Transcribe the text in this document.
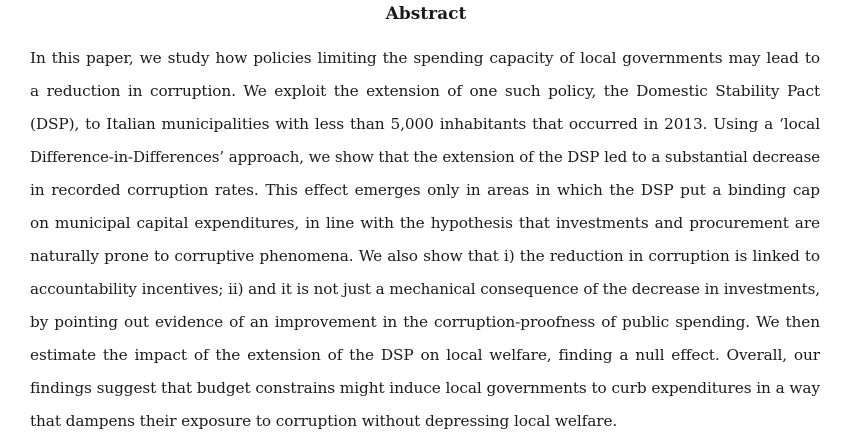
Abstract
In this paper, we study how policies limiting the spending capacity of local governments may lead to
a reduction in corruption. We exploit the extension of one such policy, the Domestic Stability Pact
(DSP), to Italian municipalities with less than 5,000 inhabitants that occurred in 2013. Using a ‘local
Difference-in-Differences’ approach, we show that the extension of the DSP led to a substantial decrease
in recorded corruption rates. This effect emerges only in areas in which the DSP put a binding cap
on municipal capital expenditures, in line with the hypothesis that investments and procurement are
naturally prone to corruptive phenomena. We also show that i) the reduction in corruption is linked to
accountability incentives; ii) and it is not just a mechanical consequence of the decrease in investments,
by pointing out evidence of an improvement in the corruption-proofness of public spending. We then
estimate the impact of the extension of the DSP on local welfare, finding a null effect. Overall, our
findings suggest that budget constrains might induce local governments to curb expenditures in a way
that dampens their exposure to corruption without depressing local welfare.
